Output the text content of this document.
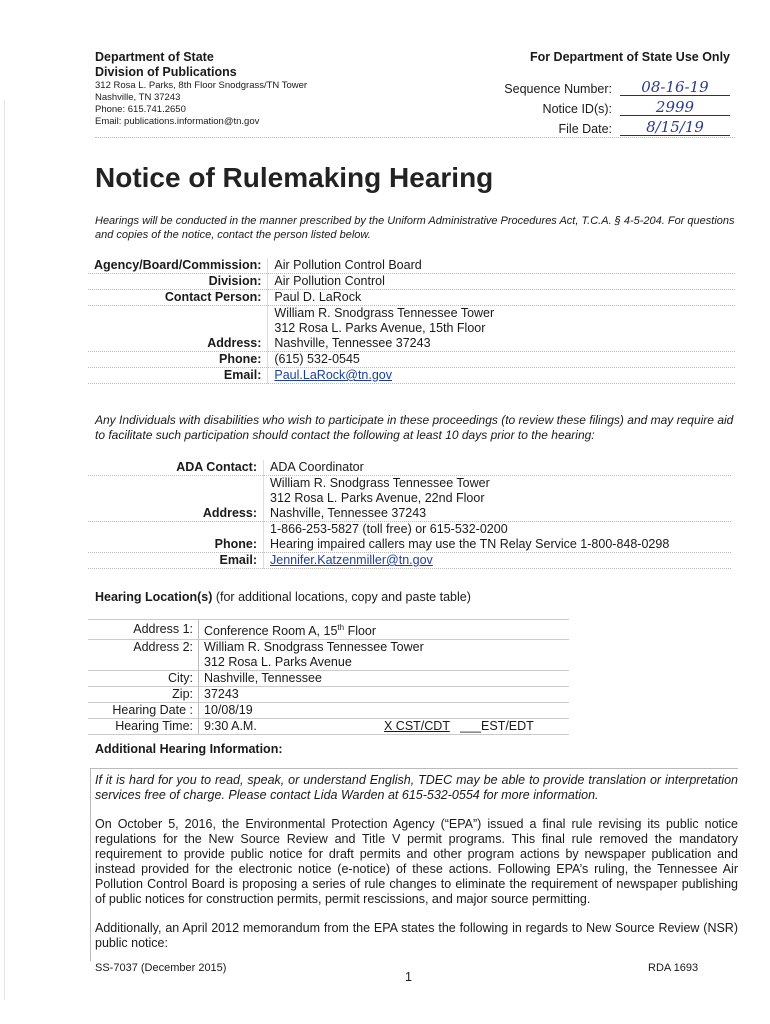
Department of State
Division of Publications
312 Rosa L. Parks, 8th Floor Snodgrass/TN Tower
Nashville, TN 37243
Phone: 615.741.2650
Email: publications.information@tn.gov
For Department of State Use Only
Sequence Number:	08-16-19
Notice ID(s):	2999
File Date:	8/15/19
Notice of Rulemaking Hearing
Hearings will be conducted in the manner prescribed by the Uniform Administrative Procedures Act, T.C.A. § 4-5-204. For questions and copies of the notice, contact the person listed below.
Agency/Board/Commission:	Air Pollution Control Board
Division:	Air Pollution Control
Contact Person:	Paul D. LaRock
Address:	William R. Snodgrass Tennessee Tower
312 Rosa L. Parks Avenue, 15th Floor
Nashville, Tennessee 37243

Phone:	(615) 532-0545
Email:	Paul.LaRock@tn.gov
Any Individuals with disabilities who wish to participate in these proceedings (to review these filings) and may require aid to facilitate such participation should contact the following at least 10 days prior to the hearing:
ADA Contact:	ADA Coordinator
Address:	William R. Snodgrass Tennessee Tower
312 Rosa L. Parks Avenue, 22nd Floor
Nashville, Tennessee 37243

Phone:	1-866-253-5827 (toll free) or 615-532-0200
Hearing impaired callers may use the TN Relay Service 1-800-848-0298

Email:	Jennifer.Katzenmiller@tn.gov
Hearing Location(s) (for additional locations, copy and paste table)
Address 1:	Conference Room A, 15th Floor	
Address 2:	William R. Snodgrass Tennessee Tower
312 Rosa L. Parks Avenue	

City:	Nashville, Tennessee	
Zip:	37243	
Hearing Date :	10/08/19	
Hearing Time:	9:30 A.M.	X CST/CDT ___EST/EDT
Additional Hearing Information:

If it is hard for you to read, speak, or understand English, TDEC may be able to provide translation or interpretation services free of charge. Please contact Lida Warden at 615-532-0554 for more information.

On October 5, 2016, the Environmental Protection Agency (“EPA”) issued a final rule revising its public notice regulations for the New Source Review and Title V permit programs. This final rule removed the mandatory requirement to provide public notice for draft permits and other program actions by newspaper publication and instead provided for the electronic notice (e-notice) of these actions. Following EPA’s ruling, the Tennessee Air Pollution Control Board is proposing a series of rule changes to eliminate the requirement of newspaper publishing of public notices for construction permits, permit rescissions, and major source permitting.

Additionally, an April 2012 memorandum from the EPA states the following in regards to New Source Review (NSR) public notice:

SS-7037 (December 2015)
1
RDA 1693
